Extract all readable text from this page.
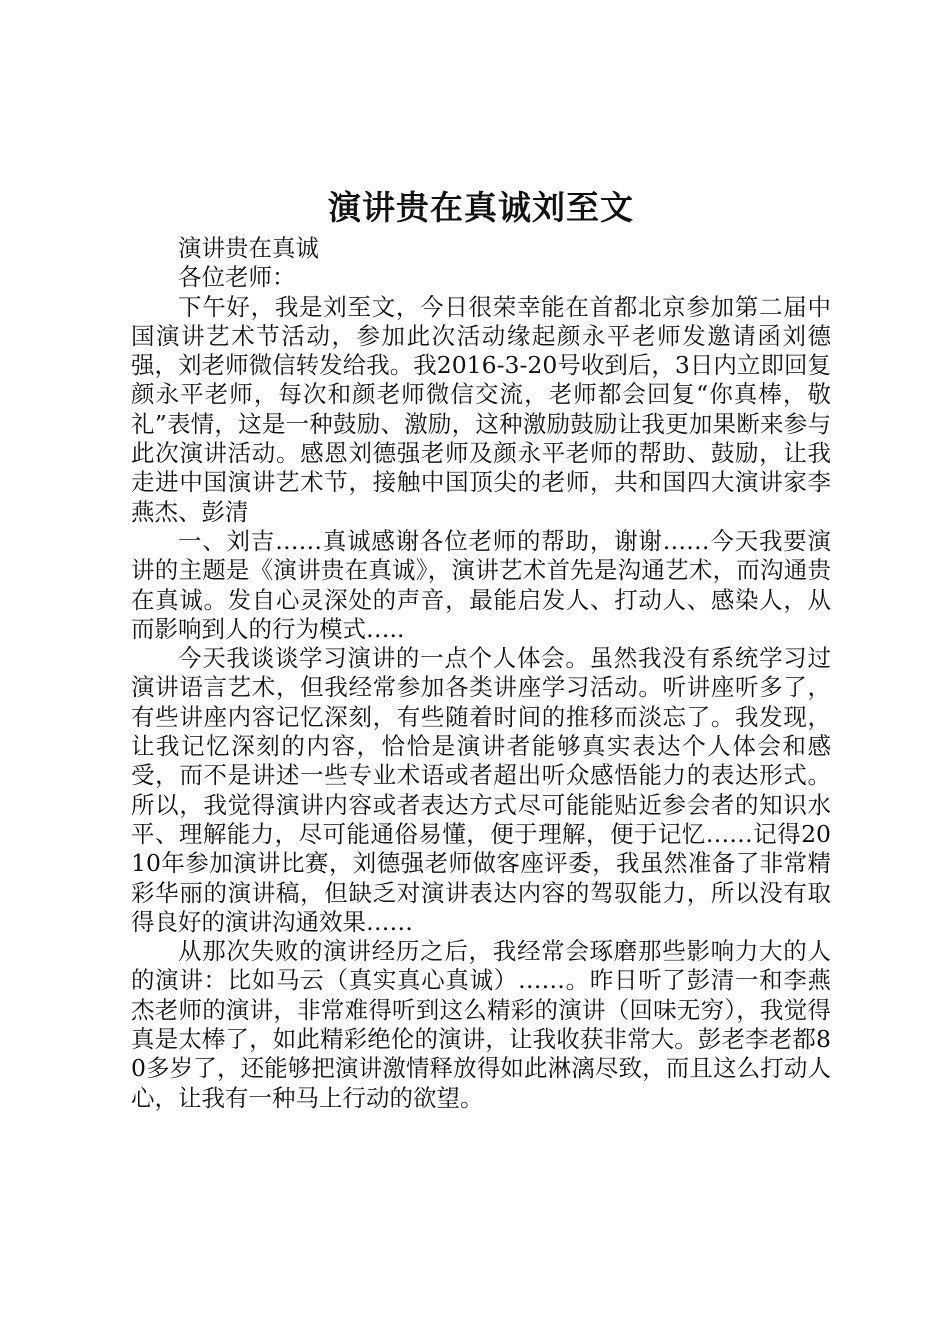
演讲贵在真诚刘至文

演讲贵在真诚

各位老师：

下午好，我是刘至文，今日很荣幸能在首都北京参加第二届中国演讲艺术节活动，参加此次活动缘起颜永平老师发邀请函刘德强，刘老师微信转发给我。我2016-3-20号收到后，3日内立即回复颜永平老师，每次和颜老师微信交流，老师都会回复“你真棒，敬礼”表情，这是一种鼓励、激励，这种激励鼓励让我更加果断来参与此次演讲活动。感恩刘德强老师及颜永平老师的帮助、鼓励，让我走进中国演讲艺术节，接触中国顶尖的老师，共和国四大演讲家李燕杰、彭清

一、刘吉……真诚感谢各位老师的帮助，谢谢……今天我要演讲的主题是《演讲贵在真诚》，演讲艺术首先是沟通艺术，而沟通贵在真诚。发自心灵深处的声音，最能启发人、打动人、感染人，从而影响到人的行为模式…..

今天我谈谈学习演讲的一点个人体会。虽然我没有系统学习过演讲语言艺术，但我经常参加各类讲座学习活动。听讲座听多了，有些讲座内容记忆深刻，有些随着时间的推移而淡忘了。我发现，让我记忆深刻的内容，恰恰是演讲者能够真实表达个人体会和感受，而不是讲述一些专业术语或者超出听众感悟能力的表达形式。所以，我觉得演讲内容或者表达方式尽可能能贴近参会者的知识水平、理解能力，尽可能通俗易懂，便于理解，便于记忆……记得2010年参加演讲比赛，刘德强老师做客座评委，我虽然准备了非常精彩华丽的演讲稿，但缺乏对演讲表达内容的驾驭能力，所以没有取得良好的演讲沟通效果……

从那次失败的演讲经历之后，我经常会琢磨那些影响力大的人的演讲：比如马云（真实真心真诚）……。昨日听了彭清一和李燕杰老师的演讲，非常难得听到这么精彩的演讲（回味无穷），我觉得真是太棒了，如此精彩绝伦的演讲，让我收获非常大。彭老李老都80多岁了，还能够把演讲激情释放得如此淋漓尽致，而且这么打动人心，让我有一种马上行动的欲望。
